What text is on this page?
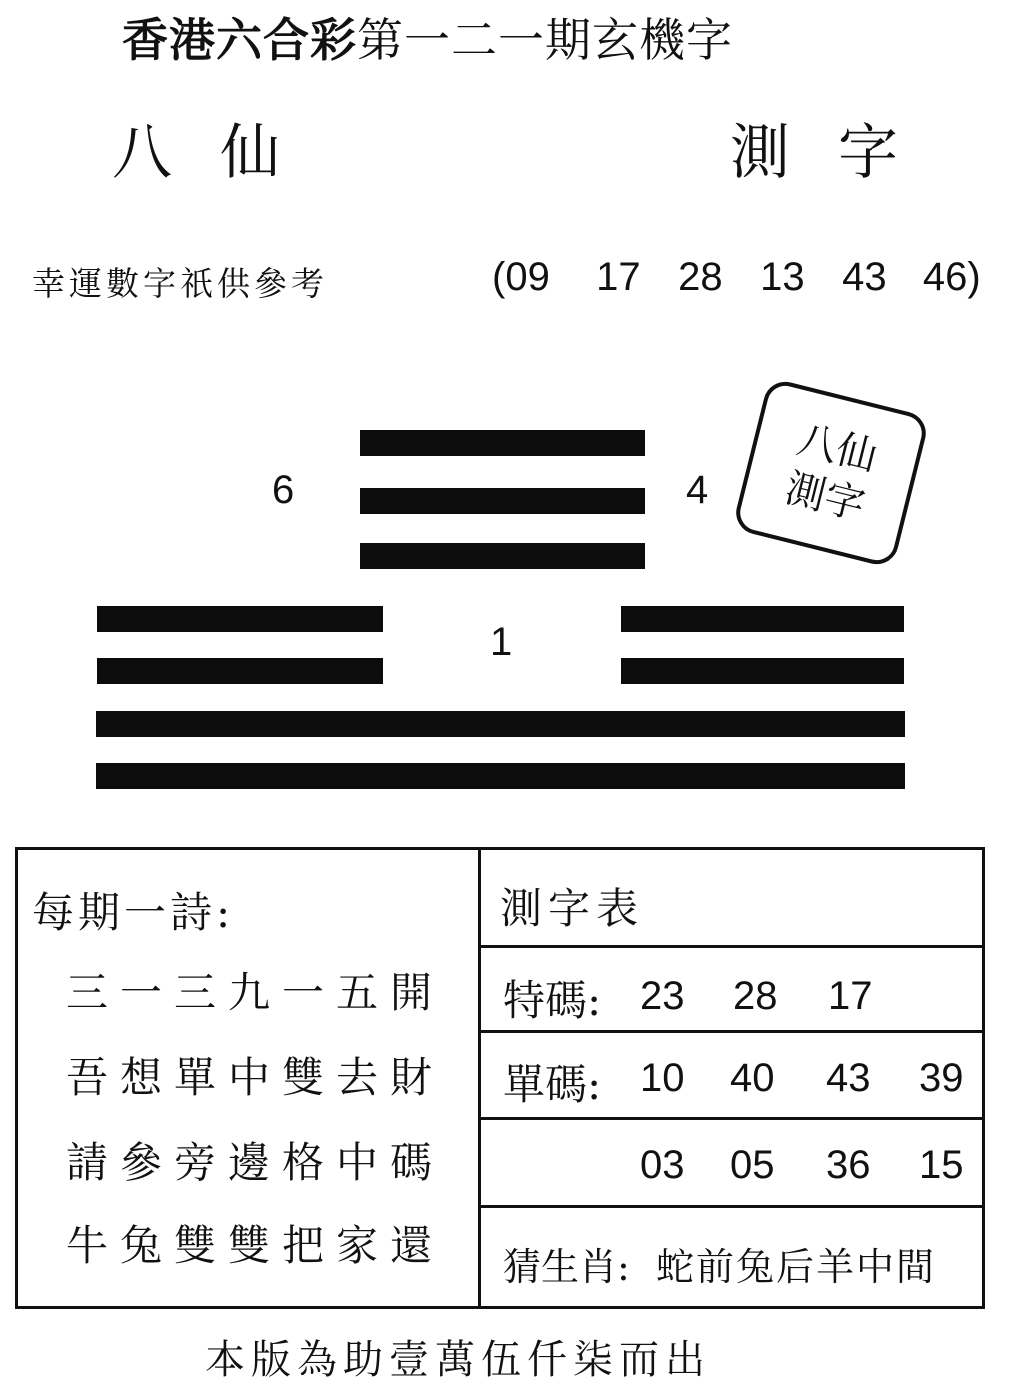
香港六合彩第一二一期玄機字
八仙	測字
幸運數字祇供參考	(09 17 28 13 43 46)
6	4
1
八仙
測字
每期一詩:
三一三九一五開
吾想單中雙去財
請參旁邊格中碼
牛兔雙雙把家還
測字表
特碼: 23 28 17
單碼: 10 40 43 39
03 05 36 15
猜生肖: 蛇前兔后羊中間
本版為助壹萬伍仟柒而出
